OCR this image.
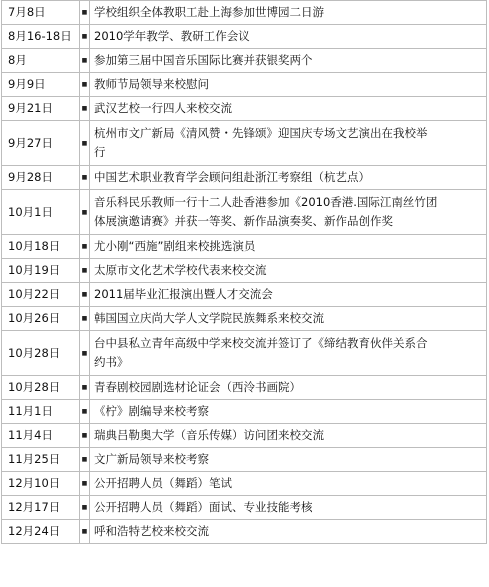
7月8日	■	学校组织全体教职工赴上海参加世博园二日游

8月16-18日	■	2010学年教学、教研工作会议

8月	■	参加第三届中国音乐国际比赛并获银奖两个

9月9日	■	教师节局领导来校慰问

9月21日	■	武汉艺校一行四人来校交流

9月27日	■	杭州市文广新局《清风赞・先锋颂》迎国庆专场文艺演出在我校举
行

9月28日	■	中国艺术职业教育学会顾问组赴浙江考察组（杭艺点）

10月1日	■	音乐科民乐教师一行十二人赴香港参加《2010香港.国际江南丝竹团
体展演邀请赛》并获一等奖、新作品演奏奖、新作品创作奖

10月18日	■	尤小刚“西施”剧组来校挑选演员

10月19日	■	太原市文化艺术学校代表来校交流

10月22日	■	2011届毕业汇报演出暨人才交流会

10月26日	■	韩国国立庆尚大学人文学院民族舞系来校交流

10月28日	■	台中县私立青年高级中学来校交流并签订了《缔结教育伙伴关系合
约书》

10月28日	■	青春剧校园剧选材论证会（西泠书画院）

11月1日	■	《柠》剧编导来校考察

11月4日	■	瑞典吕勒奥大学（音乐传媒）访问团来校交流

11月25日	■	文广新局领导来校考察

12月10日	■	公开招聘人员（舞蹈）笔试

12月17日	■	公开招聘人员（舞蹈）面试、专业技能考核

12月24日	■	呼和浩特艺校来校交流
